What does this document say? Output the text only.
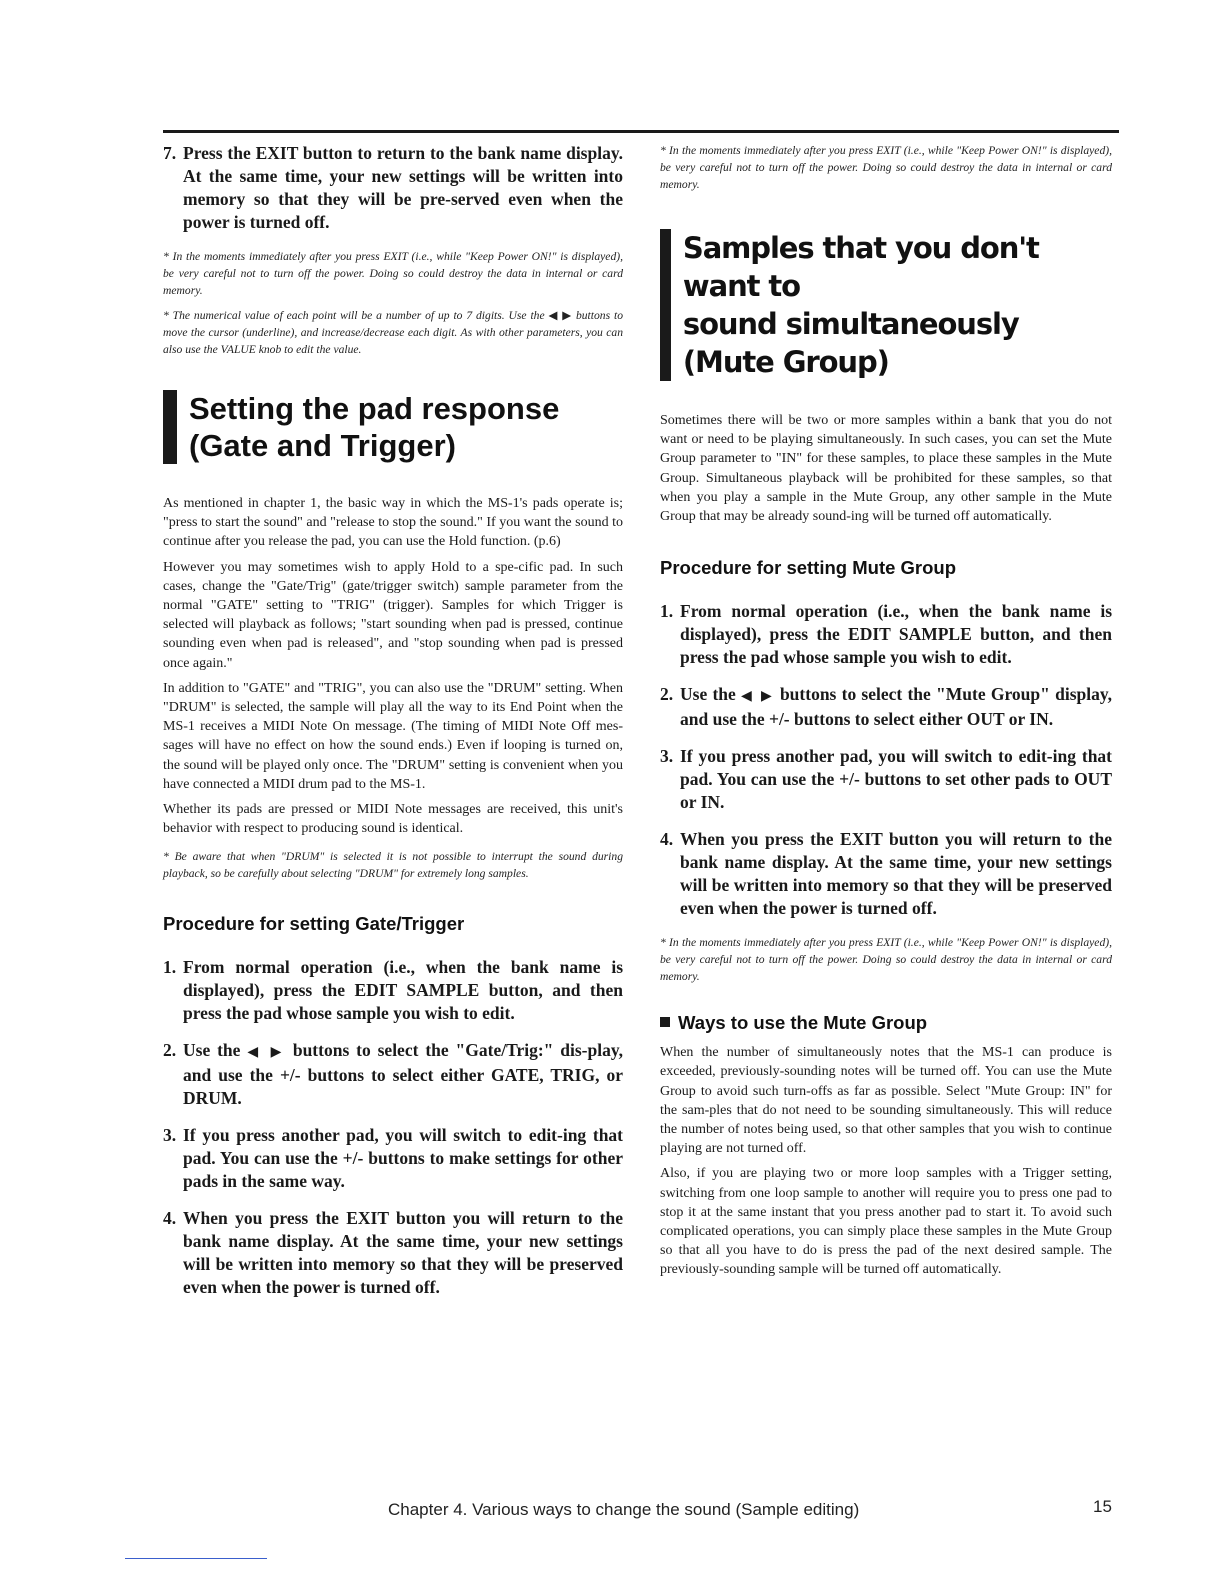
7. Press the EXIT button to return to the bank name display. At the same time, your new settings will be written into memory so that they will be pre-served even when the power is turned off.

* In the moments immediately after you press EXIT (i.e., while "Keep Power ON!" is displayed), be very careful not to turn off the power. Doing so could destroy the data in internal or card memory.

* The numerical value of each point will be a number of up to 7 digits. Use the ◀ ▶ buttons to move the cursor (underline), and increase/decrease each digit. As with other parameters, you can also use the VALUE knob to edit the value.

Setting the pad response
(Gate and Trigger)

As mentioned in chapter 1, the basic way in which the MS-1's pads operate is; "press to start the sound" and "release to stop the sound." If you want the sound to continue after you release the pad, you can use the Hold function. (p.6)

However you may sometimes wish to apply Hold to a spe-cific pad. In such cases, change the "Gate/Trig" (gate/trigger switch) sample parameter from the normal "GATE" setting to "TRIG" (trigger). Samples for which Trigger is selected will playback as follows; "start sounding when pad is pressed, continue sounding even when pad is released", and "stop sounding when pad is pressed once again."

In addition to "GATE" and "TRIG", you can also use the "DRUM" setting. When "DRUM" is selected, the sample will play all the way to its End Point when the MS-1 receives a MIDI Note On message. (The timing of MIDI Note Off mes-sages will have no effect on how the sound ends.) Even if looping is turned on, the sound will be played only once. The "DRUM" setting is convenient when you have connected a MIDI drum pad to the MS-1.

Whether its pads are pressed or MIDI Note messages are received, this unit's behavior with respect to producing sound is identical.

* Be aware that when "DRUM" is selected it is not possible to interrupt the sound during playback, so be carefully about selecting "DRUM" for extremely long samples.

Procedure for setting Gate/Trigger
1. From normal operation (i.e., when the bank name is displayed), press the EDIT SAMPLE button, and then press the pad whose sample you wish to edit.
2. Use the ◀ ▶ buttons to select the "Gate/Trig:" dis-play, and use the +/- buttons to select either GATE, TRIG, or DRUM.
3. If you press another pad, you will switch to edit-ing that pad. You can use the +/- buttons to make settings for other pads in the same way.
4. When you press the EXIT button you will return to the bank name display. At the same time, your new settings will be written into memory so that they will be preserved even when the power is turned off.

* In the moments immediately after you press EXIT (i.e., while "Keep Power ON!" is displayed), be very careful not to turn off the power. Doing so could destroy the data in internal or card memory.

Samples that you don't want to
sound simultaneously (Mute Group)

Sometimes there will be two or more samples within a bank that you do not want or need to be playing simultaneously. In such cases, you can set the Mute Group parameter to "IN" for these samples, to place these samples in the Mute Group. Simultaneous playback will be prohibited for these samples, so that when you play a sample in the Mute Group, any other sample in the Mute Group that may be already sound-ing will be turned off automatically.

Procedure for setting Mute Group
1. From normal operation (i.e., when the bank name is displayed), press the EDIT SAMPLE button, and then press the pad whose sample you wish to edit.
2. Use the ◀ ▶ buttons to select the "Mute Group" display, and use the +/- buttons to select either OUT or IN.
3. If you press another pad, you will switch to edit-ing that pad. You can use the +/- buttons to set other pads to OUT or IN.
4. When you press the EXIT button you will return to the bank name display. At the same time, your new settings will be written into memory so that they will be preserved even when the power is turned off.

* In the moments immediately after you press EXIT (i.e., while "Keep Power ON!" is displayed), be very careful not to turn off the power. Doing so could destroy the data in internal or card memory.

Ways to use the Mute Group

When the number of simultaneously notes that the MS-1 can produce is exceeded, previously-sounding notes will be turned off. You can use the Mute Group to avoid such turn-offs as far as possible. Select "Mute Group: IN" for the sam-ples that do not need to be sounding simultaneously. This will reduce the number of notes being used, so that other samples that you wish to continue playing are not turned off.

Also, if you are playing two or more loop samples with a Trigger setting, switching from one loop sample to another will require you to press one pad to stop it at the same instant that you press another pad to start it. To avoid such complicated operations, you can simply place these samples in the Mute Group so that all you have to do is press the pad of the next desired sample. The previously-sounding sample will be turned off automatically.

Chapter 4. Various ways to change the sound (Sample editing)	15
